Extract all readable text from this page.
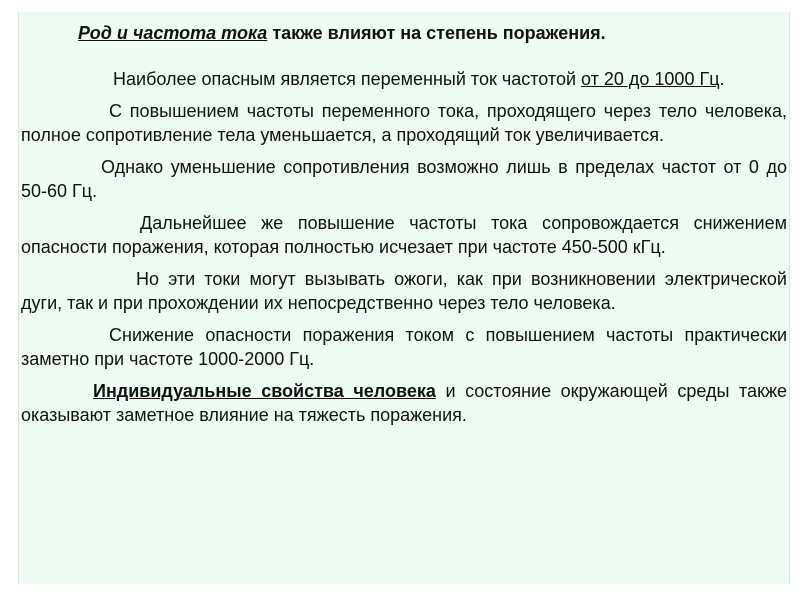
Род и частота тока также влияют на степень поражения.

Наиболее опасным является переменный ток частотой от 20 до 1000 Гц.

С повышением частоты переменного тока, проходящего через тело человека, полное сопротивление тела уменьшается, а проходящий ток увеличивается.

Однако уменьшение сопротивления возможно лишь в пределах частот от 0 до 50-60 Гц.

Дальнейшее же повышение частоты тока сопровождается снижением опасности поражения, которая полностью исчезает при частоте 450-500 кГц.

Но эти токи могут вызывать ожоги, как при возникновении электрической дуги, так и при прохождении их непосредственно через тело человека.

Снижение опасности поражения током с повышением частоты практически заметно при частоте 1000-2000 Гц.

Индивидуальные свойства человека и состояние окружающей среды также оказывают заметное влияние на тяжесть поражения.
